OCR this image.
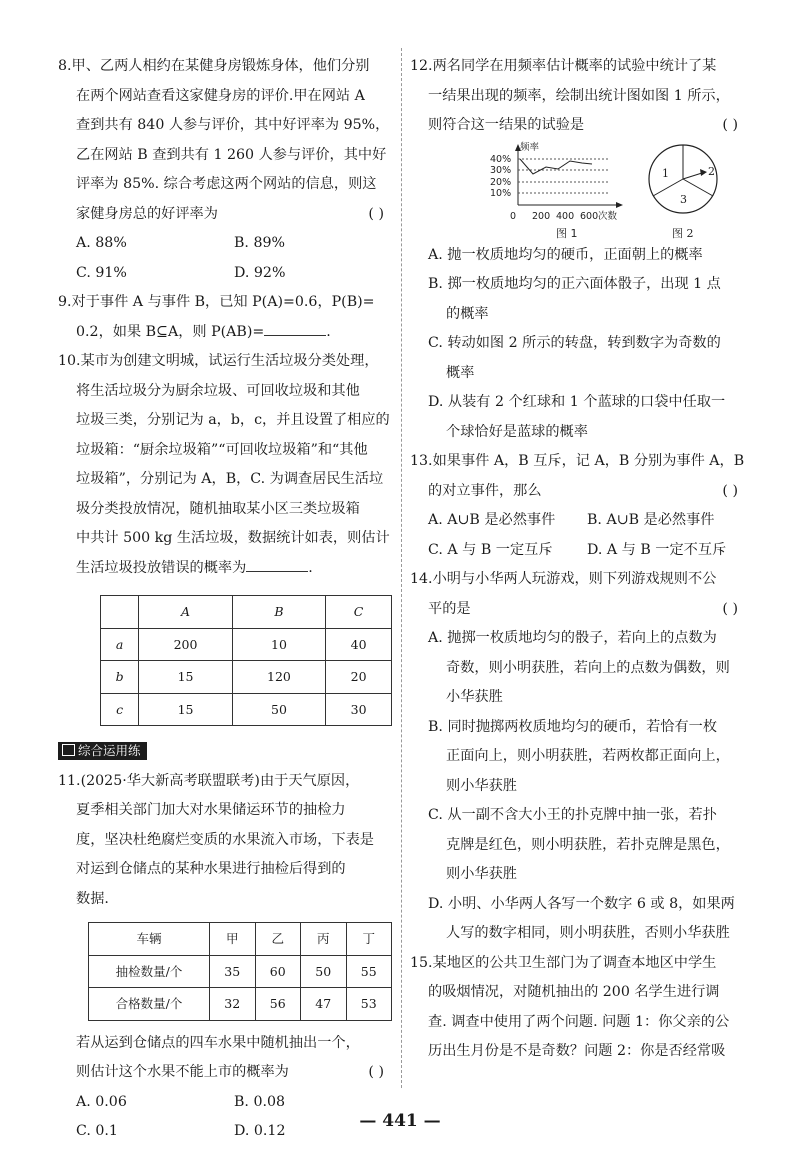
8.甲、乙两人相约在某健身房锻炼身体，他们分别

在两个网站查看这家健身房的评价.甲在网站 A

查到共有 840 人参与评价，其中好评率为 95%，

乙在网站 B 查到共有 1 260 人参与评价，其中好

评率为 85%. 综合考虑这两个网站的信息，则这

家健身房总的好评率为	( )

A. 88%	B. 89%
C. 91%	D. 92%

9.对于事件 A 与事件 B，已知 P(A)=0.6，P(B)=

0.2，如果 B⊆A，则 P(AB)=	.

10.某市为创建文明城，试运行生活垃圾分类处理，

将生活垃圾分为厨余垃圾、可回收垃圾和其他

垃圾三类，分别记为 a，b，c，并且设置了相应的

垃圾箱：“厨余垃圾箱”“可回收垃圾箱”和“其他

垃圾箱”，分别记为 A，B，C. 为调查居民生活垃

圾分类投放情况，随机抽取某小区三类垃圾箱

中共计 500 kg 生活垃圾，数据统计如表，则估计

生活垃圾投放错误的概率为	.

	A	B	C
a	200	10	40
b	15	120	20
c	15	50	30
综合运用练

11.(2025·华大新高考联盟联考)由于天气原因，

夏季相关部门加大对水果储运环节的抽检力

度，坚决杜绝腐烂变质的水果流入市场，下表是

对运到仓储点的某种水果进行抽检后得到的

数据.

车辆	甲	乙	丙	丁
抽检数量/个	35	60	50	55
合格数量/个	32	56	47	53

若从运到仓储点的四车水果中随机抽出一个，

则估计这个水果不能上市的概率为	( )

A. 0.06	B. 0.08
C. 0.1	D. 0.12

12.两名同学在用频率估计概率的试验中统计了某

一结果出现的频率，绘制出统计图如图 1 所示，

则符合这一结果的试验是	( )

频率
40%
30%
20%
10%
0 200 400 600 次数
图 1
1	2
3
图 2

A. 抛一枚质地均匀的硬币，正面朝上的概率

B. 掷一枚质地均匀的正六面体骰子，出现 1 点

的概率

C. 转动如图 2 所示的转盘，转到数字为奇数的

概率

D. 从装有 2 个红球和 1 个蓝球的口袋中任取一

个球恰好是蓝球的概率

13.如果事件 A，B 互斥，记 A，B 分别为事件 A，B

的对立事件，那么	( )

A. A∪B 是必然事件	B. A∪B 是必然事件
C. A 与 B 一定互斥	D. A 与 B 一定不互斥

14.小明与小华两人玩游戏，则下列游戏规则不公

平的是	( )

A. 抛掷一枚质地均匀的骰子，若向上的点数为

奇数，则小明获胜，若向上的点数为偶数，则

小华获胜

B. 同时抛掷两枚质地均匀的硬币，若恰有一枚

正面向上，则小明获胜，若两枚都正面向上，

则小华获胜

C. 从一副不含大小王的扑克牌中抽一张，若扑

克牌是红色，则小明获胜，若扑克牌是黑色，

则小华获胜

D. 小明、小华两人各写一个数字 6 或 8，如果两

人写的数字相同，则小明获胜，否则小华获胜

15.某地区的公共卫生部门为了调查本地区中学生

的吸烟情况，对随机抽出的 200 名学生进行调

查. 调查中使用了两个问题. 问题 1：你父亲的公

历出生月份是不是奇数？问题 2：你是否经常吸

— 441 —
